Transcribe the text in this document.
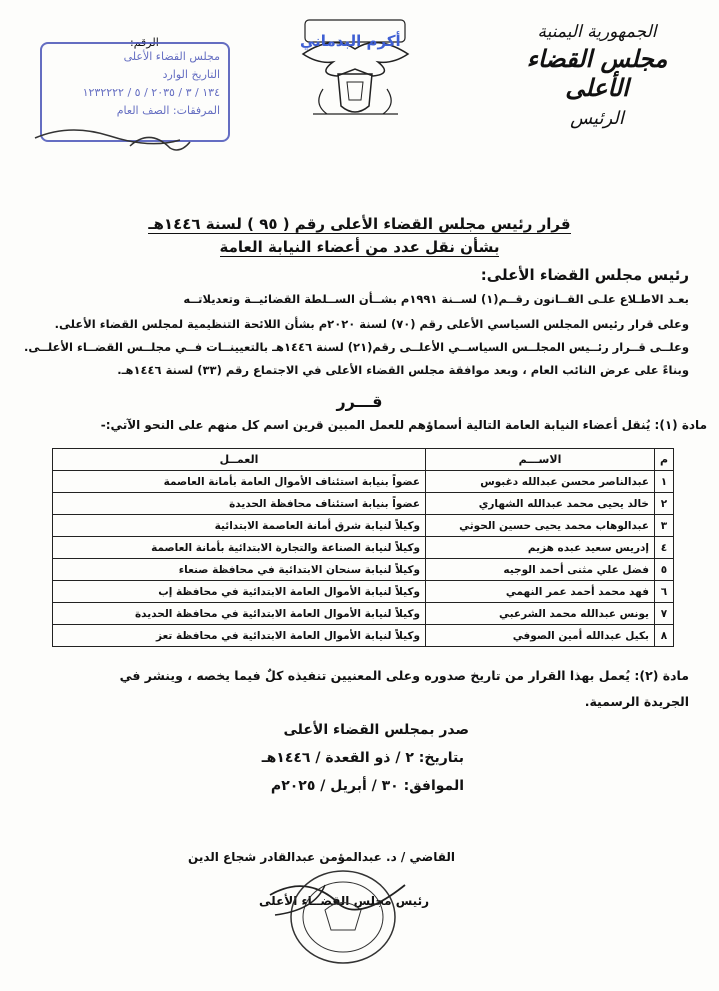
الجمهورية اليمنية
مجلس القضاء الأعلى
الرئيس
أكرم البدماني
الرقم:
مجلس القضاء الأعلى
التاريخ الوارد
١٣٤ / ٣ / ٢٠٣٥ / ٥ / ١٢٣٢٢٢٢
المرفقات: الصف العام
قرار رئيس مجلس القضاء الأعلى رقم ( ٩٥ ) لسنة ١٤٤٦هـ
بشأن نقل عدد من أعضاء النيابة العامة
رئيس مجلس القضاء الأعلى:
بعـد الاطـلاع علـى القــانون رقــم(١) لســنة ١٩٩١م بشــأن الســلطة القضائيــة وتعديلاتــه
وعلى قرار رئيس المجلس السياسي الأعلى رقم (٧٠) لسنة ٢٠٢٠م بشأن اللائحة التنظيمية لمجلس القضاء الأعلى.
وعلــى قــرار رئــيس المجلــس السياســي الأعلــى رقم(٢١) لسنة ١٤٤٦هـ بالتعيينــات فــي مجلــس القضــاء الأعلــى.
وبناءً على عرض النائب العام ، وبعد موافقة مجلس القضاء الأعلى في الاجتماع رقم (٣٣) لسنة ١٤٤٦هـ.
قـــرر
مادة (١): يُنقل أعضاء النيابة العامة التالية أسماؤهم للعمل المبين قرين اسم كل منهم على النحو الآتي:-
م	الاســـم	العمــل
١	عبدالناصر محسن عبدالله دغبوس	عضواً بنيابة استئناف الأموال العامة بأمانة العاصمة
٢	خالد يحيى محمد عبدالله الشهاري	عضواً بنيابة استئناف محافظة الحديدة
٣	عبدالوهاب محمد يحيى حسين الحوثي	وكيلاً لنيابة شرق أمانة العاصمة الابتدائية
٤	إدريس سعيد عبده هزيم	وكيلاً لنيابة الصناعة والتجارة الابتدائية بأمانة العاصمة
٥	فضل علي مثنى أحمد الوجيه	وكيلاً لنيابة سنحان الابتدائية في محافظة صنعاء
٦	فهد محمد أحمد عمر النهمي	وكيلاً لنيابة الأموال العامة الابتدائية في محافظة إب
٧	يونس عبدالله محمد الشرعبي	وكيلاً لنيابة الأموال العامة الابتدائية في محافظة الحديدة
٨	بكيل عبدالله أمين الصوفي	وكيلاً لنيابة الأموال العامة الابتدائية في محافظة تعز
مادة (٢): يُعمل بهذا القرار من تاريخ صدوره وعلى المعنيين تنفيذه كلٌ فيما يخصه ، وينشر في
الجريدة الرسمية.
صدر بمجلس القضاء الأعلى
بتاريخ: ٢ / ذو القعدة / ١٤٤٦هـ
الموافق: ٣٠ / أبريل / ٢٠٢٥م
القاضي / د. عبدالمؤمن عبدالقادر شجاع الدين
رئيس مجلس القضــاء الأعلى
